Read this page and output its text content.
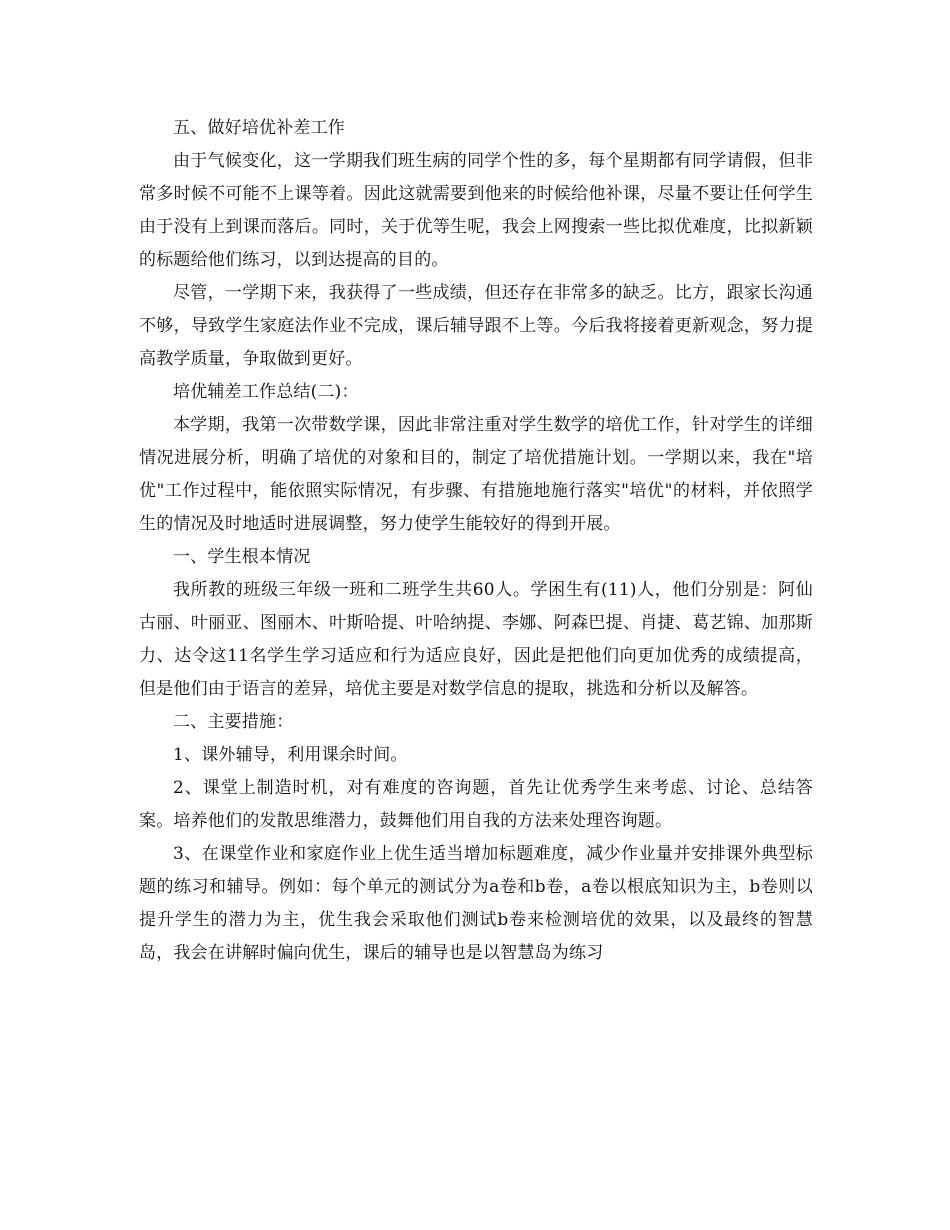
五、做好培优补差工作

由于气候变化，这一学期我们班生病的同学个性的多，每个星期都有同学请假，但非常多时候不可能不上课等着。因此这就需要到他来的时候给他补课，尽量不要让任何学生由于没有上到课而落后。同时，关于优等生呢，我会上网搜索一些比拟优难度，比拟新颖的标题给他们练习，以到达提高的目的。

尽管，一学期下来，我获得了一些成绩，但还存在非常多的缺乏。比方，跟家长沟通不够，导致学生家庭法作业不完成，课后辅导跟不上等。今后我将接着更新观念，努力提高教学质量，争取做到更好。

培优辅差工作总结(二)：

本学期，我第一次带数学课，因此非常注重对学生数学的培优工作，针对学生的详细情况进展分析，明确了培优的对象和目的，制定了培优措施计划。一学期以来，我在"培优"工作过程中，能依照实际情况，有步骤、有措施地施行落实"培优"的材料，并依照学生的情况及时地适时进展调整，努力使学生能较好的得到开展。

一、学生根本情况

我所教的班级三年级一班和二班学生共60人。学困生有(11)人，他们分别是：阿仙古丽、叶丽亚、图丽木、叶斯哈提、叶哈纳提、李娜、阿森巴提、肖捷、葛艺锦、加那斯力、达令这11名学生学习适应和行为适应良好，因此是把他们向更加优秀的成绩提高，但是他们由于语言的差异，培优主要是对数学信息的提取，挑选和分析以及解答。

二、主要措施：

1、课外辅导，利用课余时间。

2、课堂上制造时机，对有难度的咨询题，首先让优秀学生来考虑、讨论、总结答案。培养他们的发散思维潜力，鼓舞他们用自我的方法来处理咨询题。

3、在课堂作业和家庭作业上优生适当增加标题难度，减少作业量并安排课外典型标题的练习和辅导。例如：每个单元的测试分为a卷和b卷，a卷以根底知识为主，b卷则以提升学生的潜力为主，优生我会采取他们测试b卷来检测培优的效果，以及最终的智慧岛，我会在讲解时偏向优生，课后的辅导也是以智慧岛为练习
